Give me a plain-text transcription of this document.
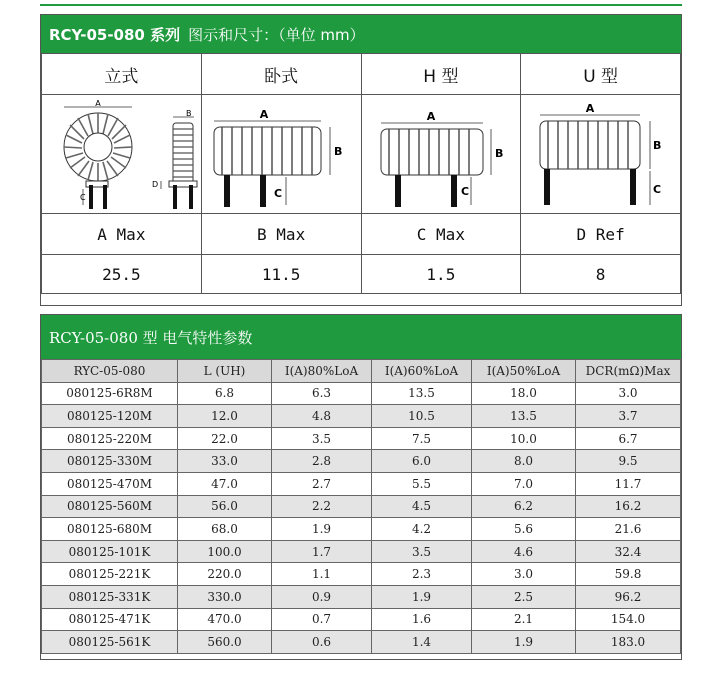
RCY-05-080 系列 图示和尺寸：（单位 mm）
立式	卧式	H 型	U 型

A
C
B
D	A
B
C	A
B
C	A
B
C

A Max	B Max	C Max	D Ref
25.5	11.5	1.5	8
RCY-05-080 型 电气特性参数
RYC-05-080	L (UH)	I(A)80%LoA	I(A)60%LoA	I(A)50%LoA	DCR(mΩ)Max
080125-6R8M	6.8	6.3	13.5	18.0	3.0
080125-120M	12.0	4.8	10.5	13.5	3.7
080125-220M	22.0	3.5	7.5	10.0	6.7
080125-330M	33.0	2.8	6.0	8.0	9.5
080125-470M	47.0	2.7	5.5	7.0	11.7
080125-560M	56.0	2.2	4.5	6.2	16.2
080125-680M	68.0	1.9	4.2	5.6	21.6
080125-101K	100.0	1.7	3.5	4.6	32.4
080125-221K	220.0	1.1	2.3	3.0	59.8
080125-331K	330.0	0.9	1.9	2.5	96.2
080125-471K	470.0	0.7	1.6	2.1	154.0
080125-561K	560.0	0.6	1.4	1.9	183.0
